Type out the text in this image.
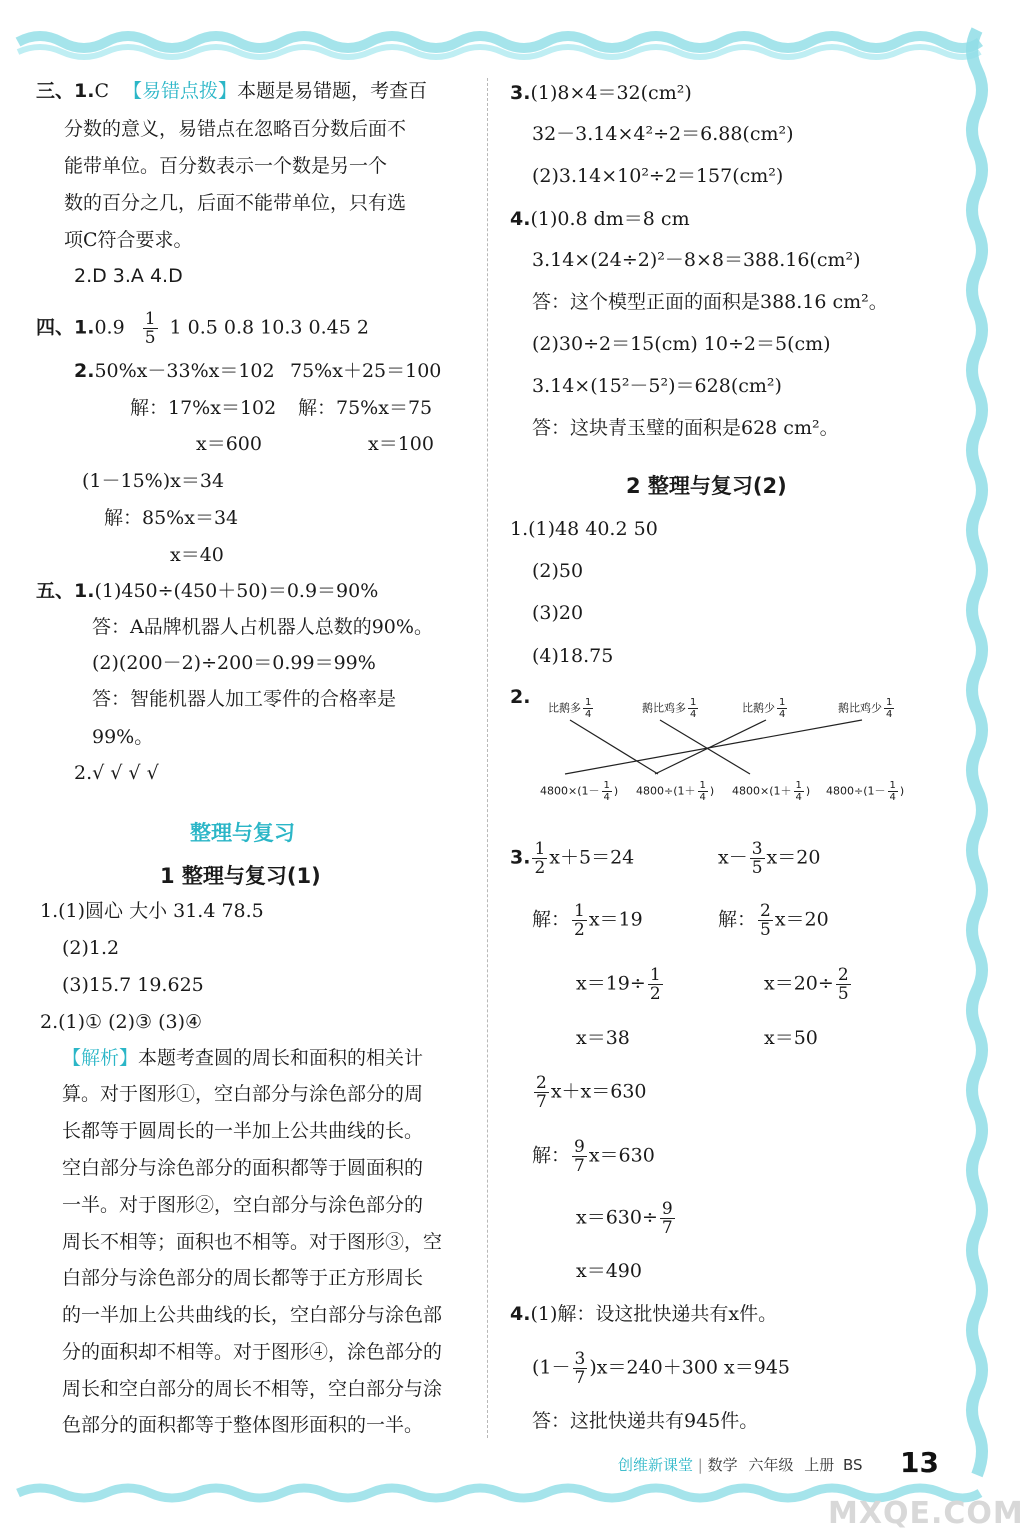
三、1.C 【易错点拨】本题是易错题，考查百
分数的意义，易错点在忽略百分数后面不
能带单位。百分数表示一个数是另一个
数的百分之几，后面不能带单位，只有选
项C符合要求。
2.D 3.A 4.D
四、$1.0.9 \frac{1}{5} 1$ 0.5 0.8 10.3 0.45 2
2.50%x－33%x＝102 75%x＋25＝100
解：17%x＝102 解：75%x＝75
x＝600	x＝100
(1－15%)x＝34
解：85%x＝34
x＝40
五、1.(1)450÷(450＋50)＝0.9＝90%
答：A品牌机器人占机器人总数的90%。
(2)(200－2)÷200＝0.99＝99%
答：智能机器人加工零件的合格率是
99%。
2.√ √ √ √
整理与复习
1 整理与复习(1)
1.(1)圆心 大小 31.4 78.5
(2)1.2
(3)15.7 19.625
2.(1)① (2)③ (3)④
【解析】本题考查圆的周长和面积的相关计
算。对于图形①，空白部分与涂色部分的周
长都等于圆周长的一半加上公共曲线的长。
空白部分与涂色部分的面积都等于圆面积的
一半。对于图形②，空白部分与涂色部分的
周长不相等；面积也不相等。对于图形③，空
白部分与涂色部分的周长都等于正方形周长
的一半加上公共曲线的长，空白部分与涂色部
分的面积却不相等。对于图形④，涂色部分的
周长和空白部分的周长不相等，空白部分与涂
色部分的面积都等于整体图形面积的一半。
3.(1)8×4＝32(cm²)
32－3.14×4²÷2＝6.88(cm²)
(2)3.14×10²÷2＝157(cm²)
4.(1)0.8 dm＝8 cm
3.14×(24÷2)²－8×8＝388.16(cm²)
答：这个模型正面的面积是388.16 cm²。
(2)30÷2＝15(cm) 10÷2＝5(cm)
3.14×(15²－5²)＝628(cm²)
答：这块青玉璧的面积是628 cm²。
2 整理与复习(2)
1.(1)48 40.2 50
(2)50
(3)20
(4)18.75
2. 比鹅多 $\frac{1}{4}$	鹅比鸡多 $\frac{1}{4}$	比鹅少 $\frac{1}{4}$	鹅比鸡少 $\frac{1}{4}$
$4800\times(1- \frac{1}{4}$ ) $4800\div(1+ \frac{1}{4}$ ) $4800\times(1+ \frac{1}{4}$ ) $4800\div(1- \frac{1}{4}$ )
3. $\frac{1}{2} x+5=24$	$x- \frac{3}{5} x=20$
解： $\frac{1}{2} x=19$	解： $\frac{2}{5} x=20$
$x=19\div \frac{1}{2}$	$x=20\div \frac{2}{5}$
x＝38	x＝50
$\frac{2}{7} x+x=630$
解： $\frac{9}{7} x=630$
$x=630\div \frac{9}{7}$
x＝490
4.(1)解：设这批快递共有x件。
$(1- \frac{3}{7} )x=240+300$ x＝945
答：这批快递共有945件。
创维新课堂 | 数学 六年级 上册 BS 13
MXQE.COM
